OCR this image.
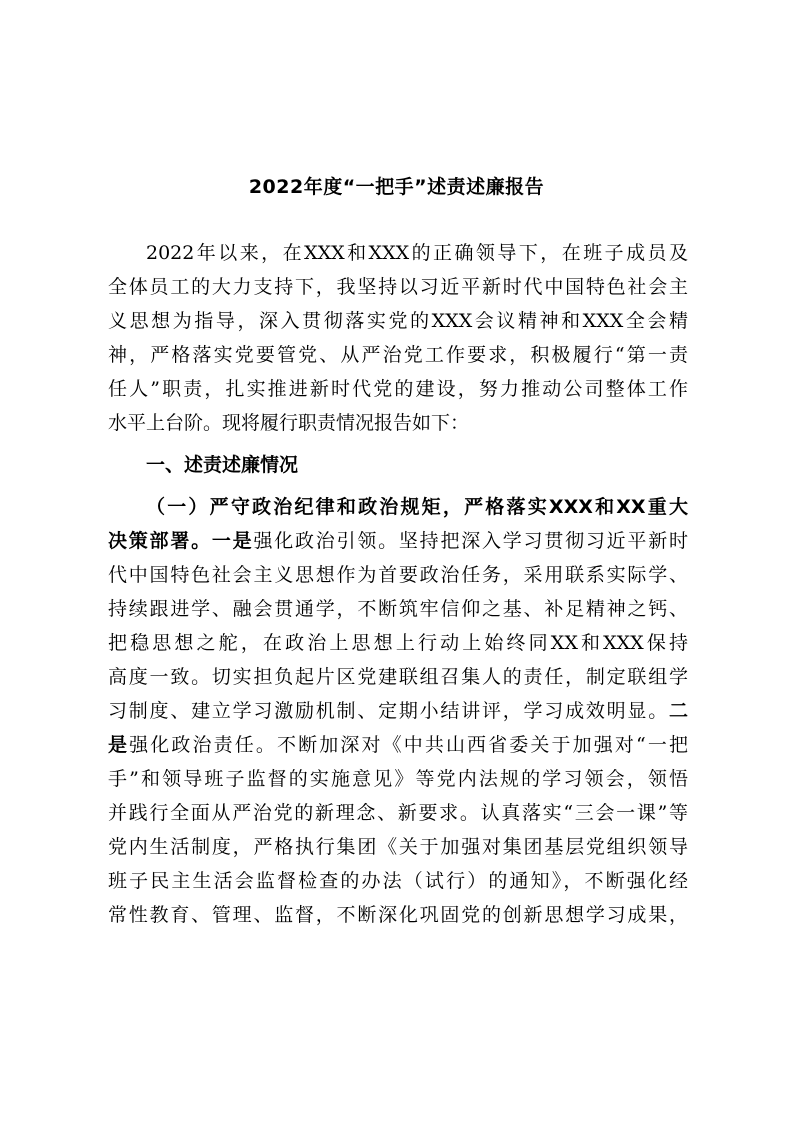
2022年度“一把手”述责述廉报告
2022年以来，在XXX和XXX的正确领导下，在班子成员及
全体员工的大力支持下，我坚持以习近平新时代中国特色社会主
义思想为指导，深入贯彻落实党的XXX会议精神和XXX全会精
神，严格落实党要管党、从严治党工作要求，积极履行“第一责
任人”职责，扎实推进新时代党的建设，努力推动公司整体工作
水平上台阶。现将履行职责情况报告如下：
一、述责述廉情况
（一）严守政治纪律和政治规矩，严格落实XXX和XX重大
决策部署。一是强化政治引领。坚持把深入学习贯彻习近平新时
代中国特色社会主义思想作为首要政治任务，采用联系实际学、
持续跟进学、融会贯通学，不断筑牢信仰之基、补足精神之钙、
把稳思想之舵，在政治上思想上行动上始终同XX和XXX保持
高度一致。切实担负起片区党建联组召集人的责任，制定联组学
习制度、建立学习激励机制、定期小结讲评，学习成效明显。二
是强化政治责任。不断加深对《中共山西省委关于加强对“一把
手”和领导班子监督的实施意见》等党内法规的学习领会，领悟
并践行全面从严治党的新理念、新要求。认真落实“三会一课”等
党内生活制度，严格执行集团《关于加强对集团基层党组织领导
班子民主生活会监督检查的办法（试行）的通知》，不断强化经
常性教育、管理、监督，不断深化巩固党的创新思想学习成果，
